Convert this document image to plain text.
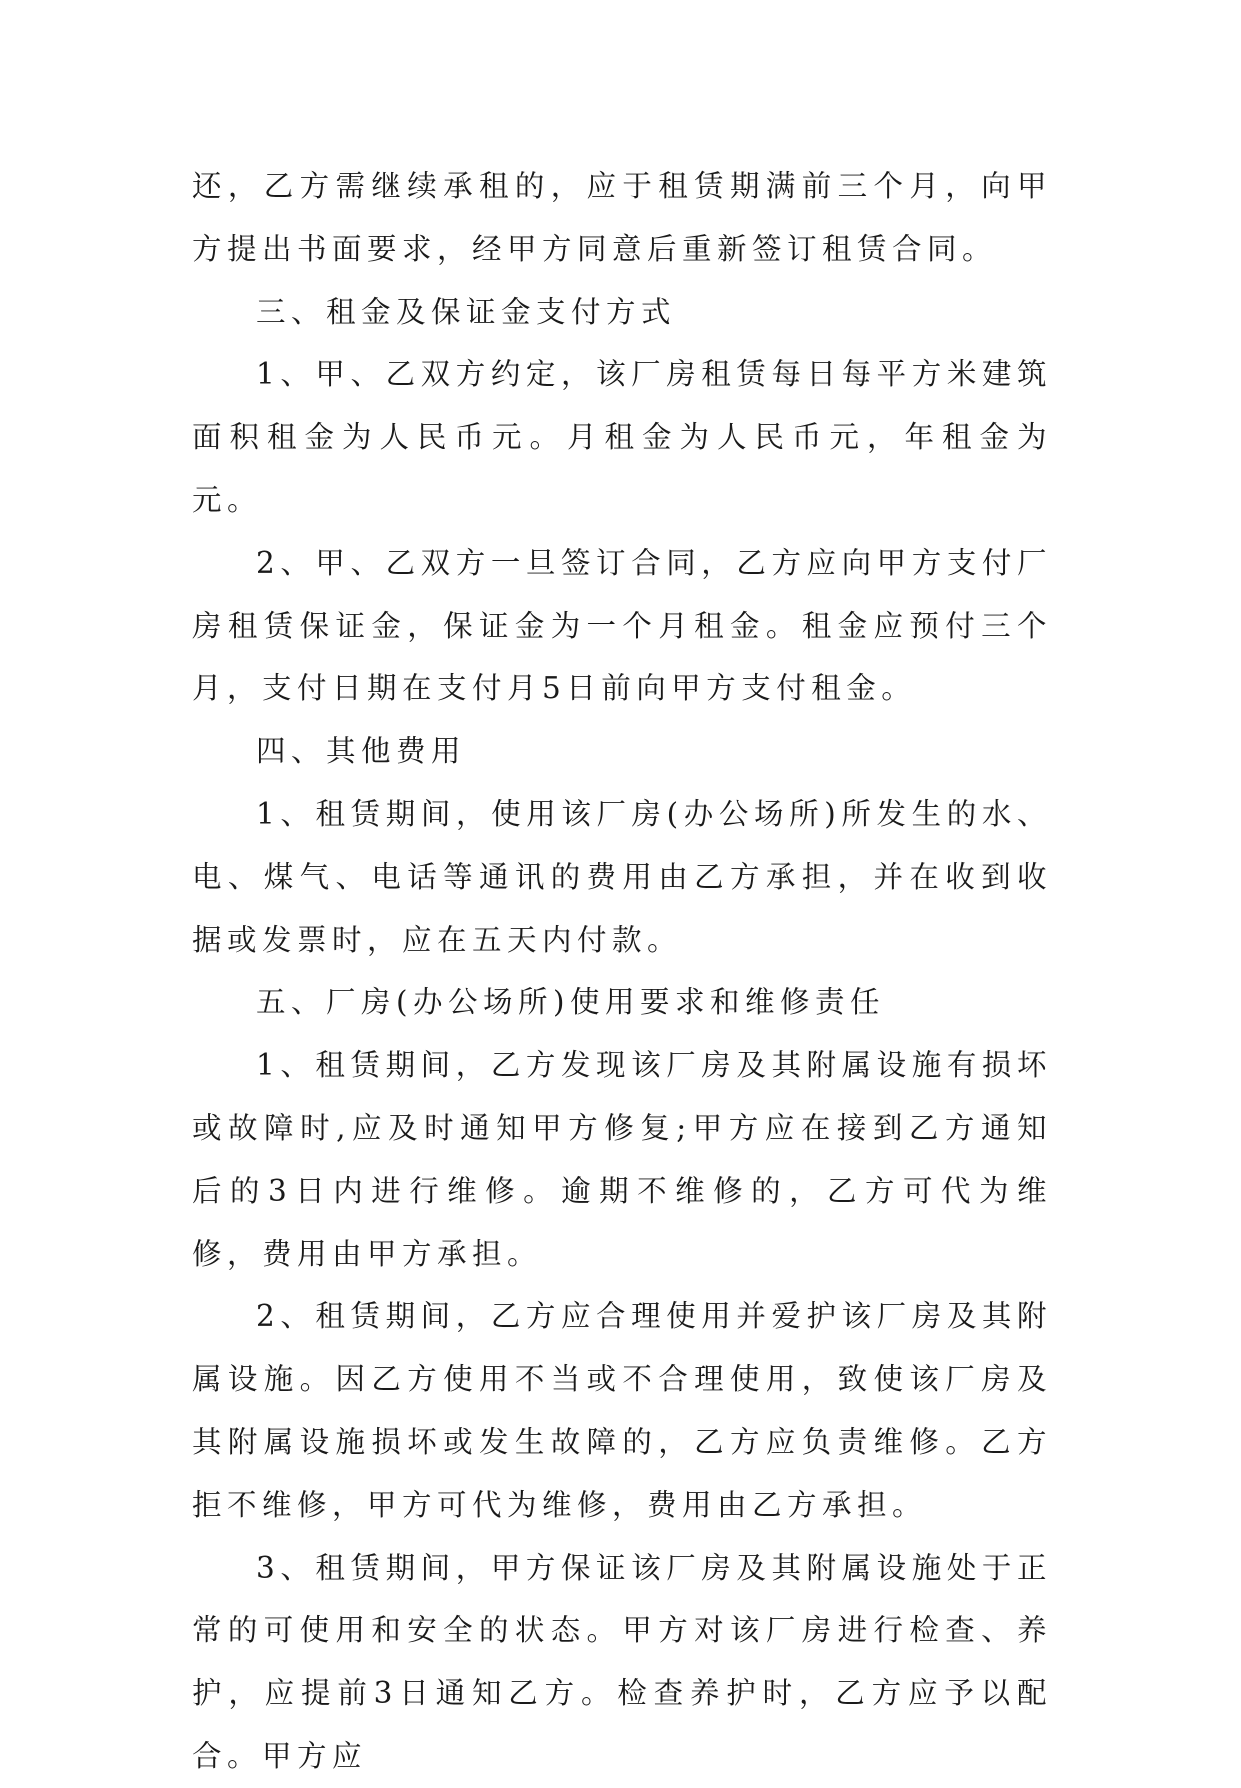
还，乙方需继续承租的，应于租赁期满前三个月，向甲方提出书面要求，经甲方同意后重新签订租赁合同。

三、租金及保证金支付方式

1、甲、乙双方约定，该厂房租赁每日每平方米建筑面积租金为人民币元。月租金为人民币元，年租金为元。

2、甲、乙双方一旦签订合同，乙方应向甲方支付厂房租赁保证金，保证金为一个月租金。租金应预付三个月，支付日期在支付月5日前向甲方支付租金。

四、其他费用

1、租赁期间，使用该厂房(办公场所)所发生的水、电、煤气、电话等通讯的费用由乙方承担，并在收到收据或发票时，应在五天内付款。

五、厂房(办公场所)使用要求和维修责任

1、租赁期间，乙方发现该厂房及其附属设施有损坏或故障时,应及时通知甲方修复;甲方应在接到乙方通知后的3日内进行维修。逾期不维修的，乙方可代为维修，费用由甲方承担。

2、租赁期间，乙方应合理使用并爱护该厂房及其附属设施。因乙方使用不当或不合理使用，致使该厂房及其附属设施损坏或发生故障的，乙方应负责维修。乙方拒不维修，甲方可代为维修，费用由乙方承担。

3、租赁期间，甲方保证该厂房及其附属设施处于正常的可使用和安全的状态。甲方对该厂房进行检查、养护，应提前3日通知乙方。检查养护时，乙方应予以配合。甲方应
